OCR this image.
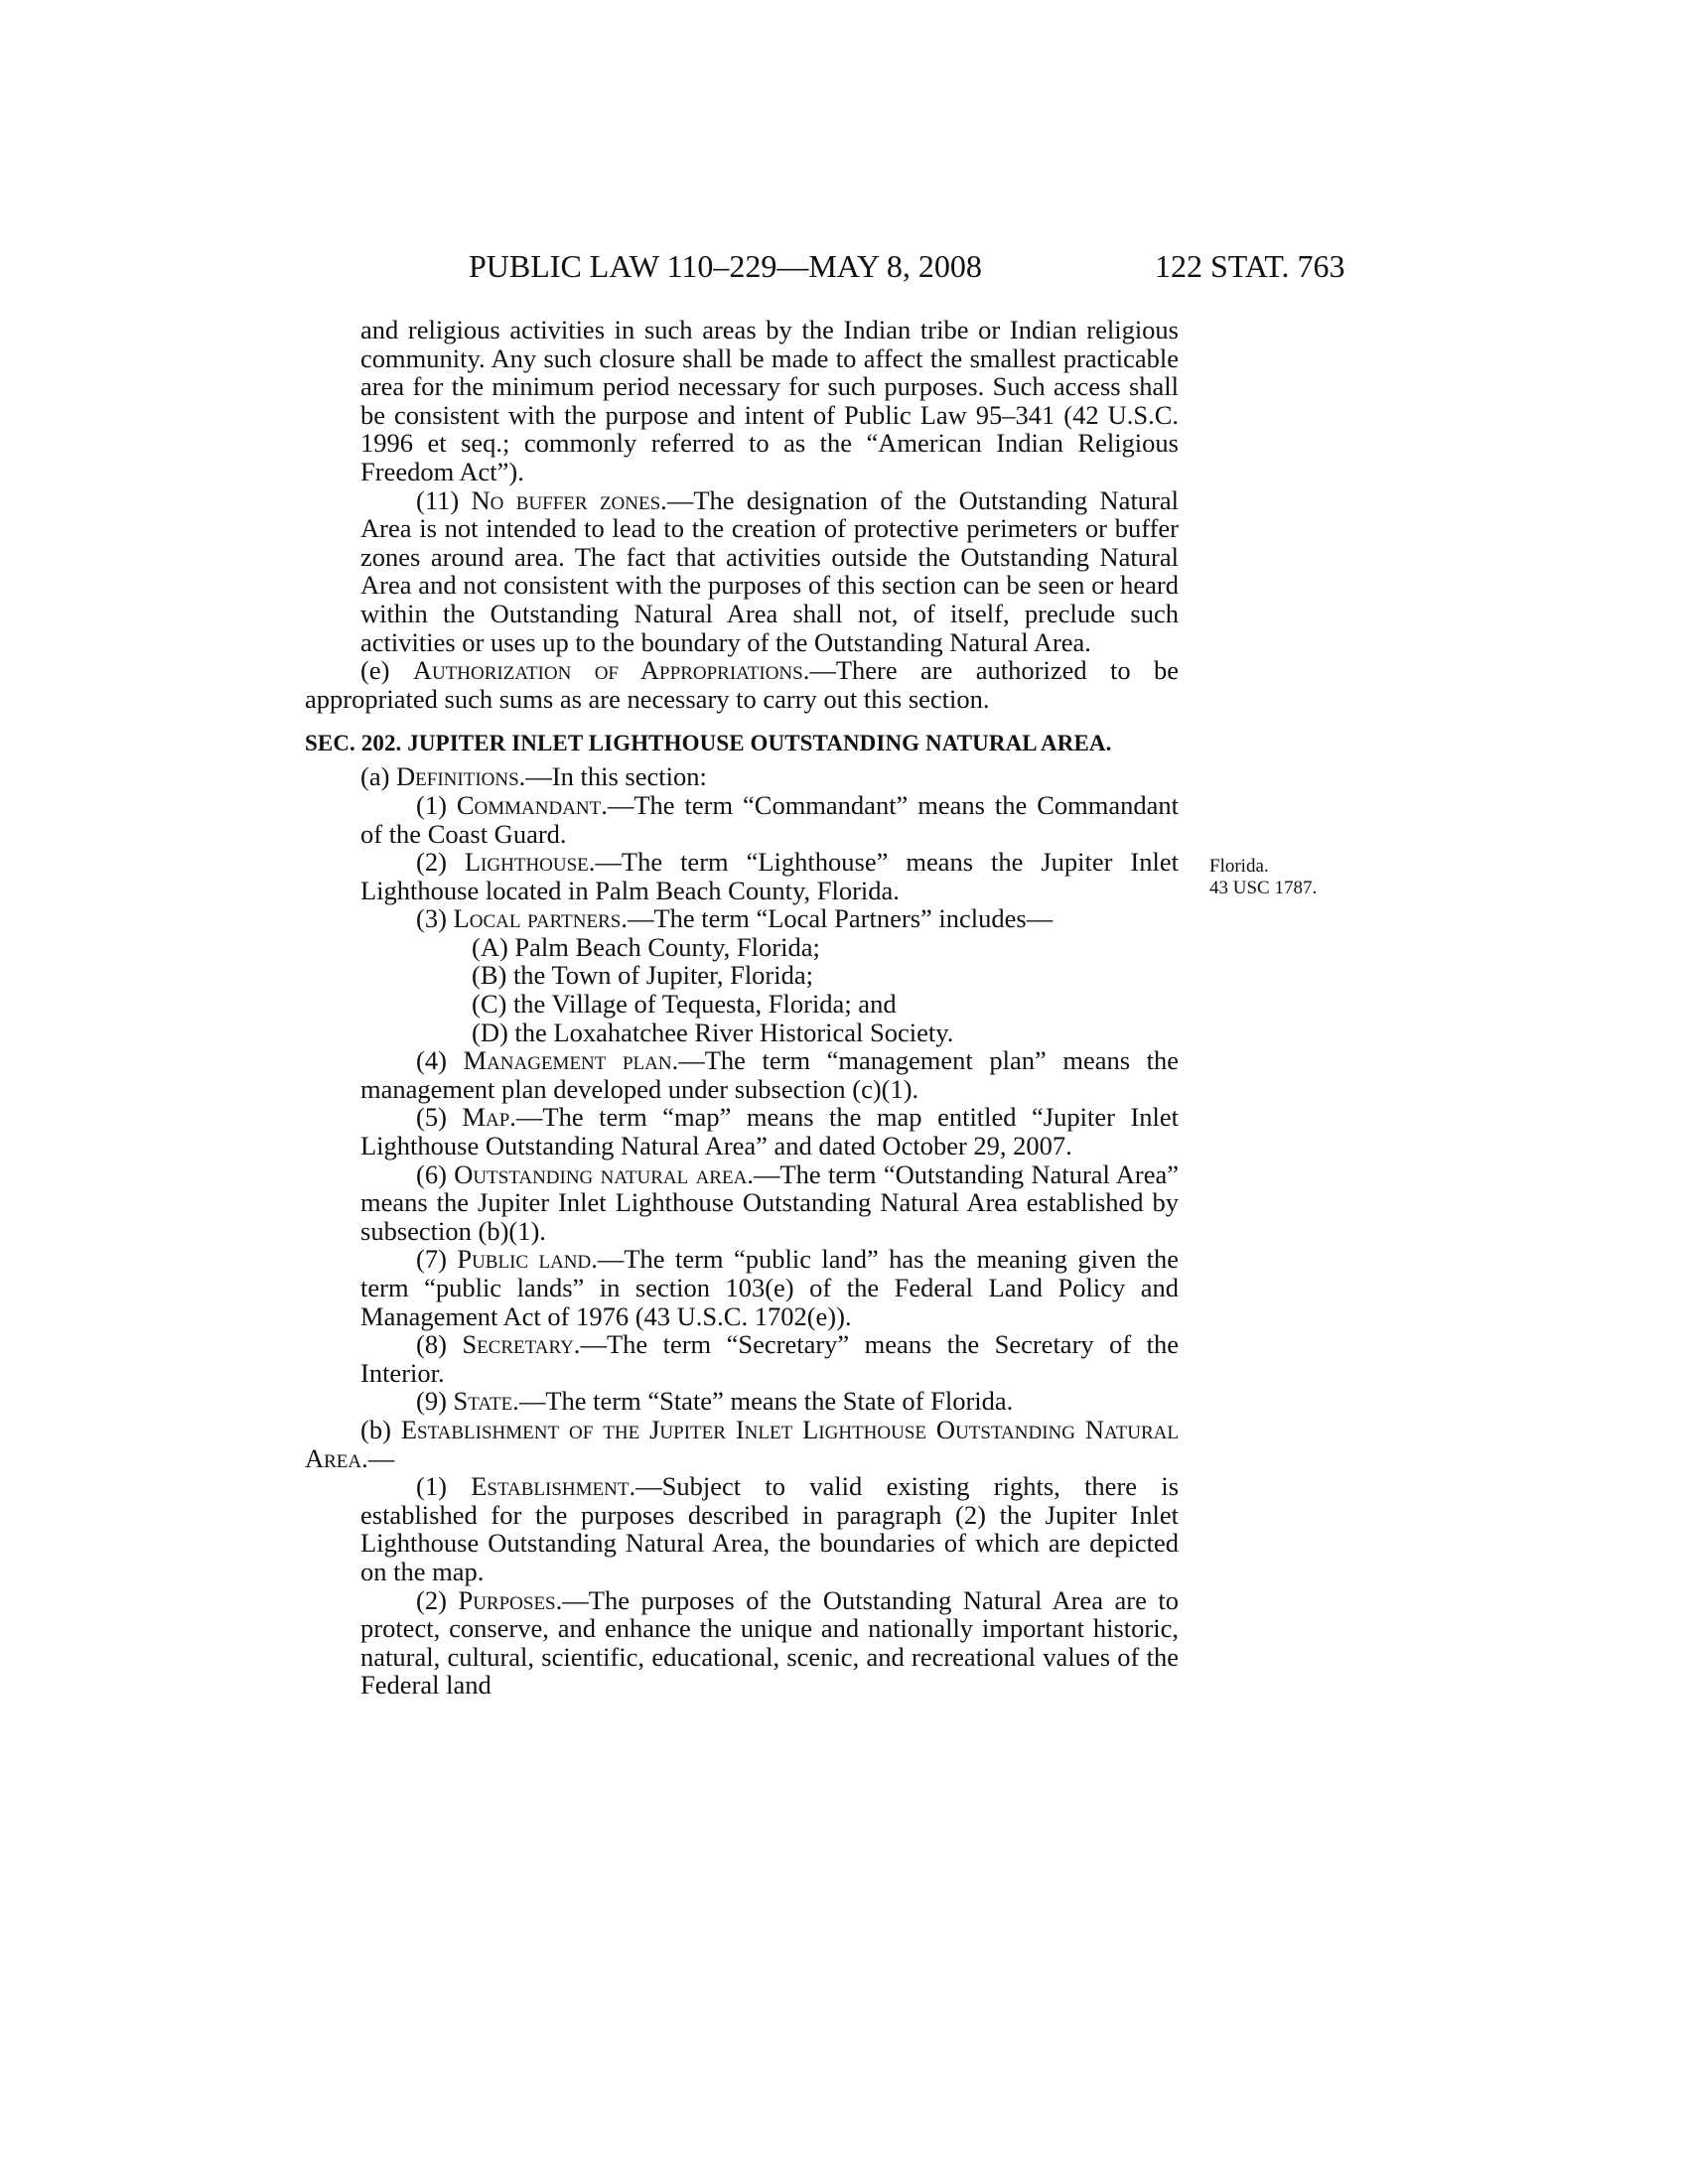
PUBLIC LAW 110–229—MAY 8, 2008	122 STAT. 763

and religious activities in such areas by the Indian tribe or Indian religious community. Any such closure shall be made to affect the smallest practicable area for the minimum period necessary for such purposes. Such access shall be consistent with the purpose and intent of Public Law 95–341 (42 U.S.C. 1996 et seq.; commonly referred to as the “American Indian Religious Freedom Act”).

(11) No buffer zones.—The designation of the Outstanding Natural Area is not intended to lead to the creation of protective perimeters or buffer zones around area. The fact that activities outside the Outstanding Natural Area and not consistent with the purposes of this section can be seen or heard within the Outstanding Natural Area shall not, of itself, preclude such activities or uses up to the boundary of the Outstanding Natural Area.

(e) Authorization of Appropriations.—There are authorized to be appropriated such sums as are necessary to carry out this section.

SEC. 202. JUPITER INLET LIGHTHOUSE OUTSTANDING NATURAL AREA.

(a) Definitions.—In this section:

(1) Commandant.—The term “Commandant” means the Commandant of the Coast Guard.

(2) Lighthouse.—The term “Lighthouse” means the Jupiter Inlet Lighthouse located in Palm Beach County, Florida.

(3) Local partners.—The term “Local Partners” includes—

(A) Palm Beach County, Florida;

(B) the Town of Jupiter, Florida;

(C) the Village of Tequesta, Florida; and

(D) the Loxahatchee River Historical Society.

(4) Management plan.—The term “management plan” means the management plan developed under subsection (c)(1).

(5) Map.—The term “map” means the map entitled “Jupiter Inlet Lighthouse Outstanding Natural Area” and dated October 29, 2007.

(6) Outstanding natural area.—The term “Outstanding Natural Area” means the Jupiter Inlet Lighthouse Outstanding Natural Area established by subsection (b)(1).

(7) Public land.—The term “public land” has the meaning given the term “public lands” in section 103(e) of the Federal Land Policy and Management Act of 1976 (43 U.S.C. 1702(e)).

(8) Secretary.—The term “Secretary” means the Secretary of the Interior.

(9) State.—The term “State” means the State of Florida.

(b) Establishment of the Jupiter Inlet Lighthouse Outstanding Natural Area.—

(1) Establishment.—Subject to valid existing rights, there is established for the purposes described in paragraph (2) the Jupiter Inlet Lighthouse Outstanding Natural Area, the boundaries of which are depicted on the map.

(2) Purposes.—The purposes of the Outstanding Natural Area are to protect, conserve, and enhance the unique and nationally important historic, natural, cultural, scientific, educational, scenic, and recreational values of the Federal land

Florida.
43 USC 1787.
